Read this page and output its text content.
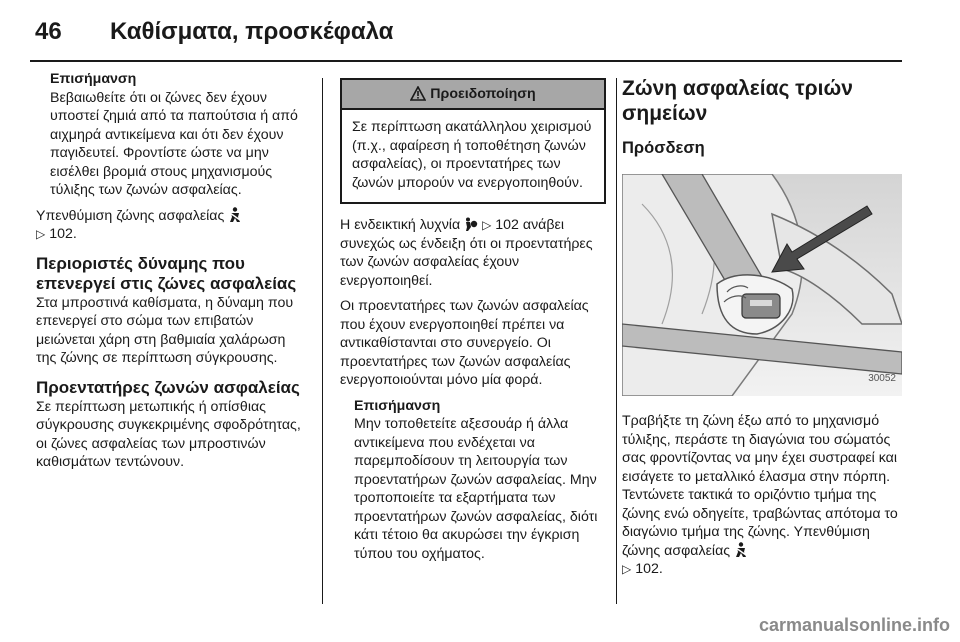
46 Καθίσματα, προσκέφαλα
Επισήμανση
Βεβαιωθείτε ότι οι ζώνες δεν έχουν υποστεί ζημιά από τα παπούτσια ή από αιχμηρά αντικείμενα και ότι δεν έχουν παγιδευτεί. Φροντίστε ώστε να μην εισέλθει βρομιά στους μηχανισμούς τύλιξης των ζωνών ασφαλείας.

Υπενθύμιση ζώνης ασφαλείας
▷ 102.

Περιοριστές δύναμης που επενεργεί στις ζώνες ασφαλείας

Στα μπροστινά καθίσματα, η δύναμη που επενεργεί στο σώμα των επιβατών μειώνεται χάρη στη βαθμιαία χαλάρωση της ζώνης σε περίπτωση σύγκρουσης.

Προεντατήρες ζωνών ασφαλείας

Σε περίπτωση μετωπικής ή οπίσθιας σύγκρουσης συγκεκριμένης σφοδρότητας, οι ζώνες ασφαλείας των μπροστινών καθισμάτων τεντώνουν.

Προειδοποίηση
Σε περίπτωση ακατάλληλου χειρισμού (π.χ., αφαίρεση ή τοποθέτηση ζωνών ασφαλείας), οι προεντατήρες των ζωνών μπορούν να ενεργοποιηθούν.

Η ενδεικτική λυχνία ▷ 102 ανάβει συνεχώς ως ένδειξη ότι οι προεντατήρες των ζωνών ασφαλείας έχουν ενεργοποιηθεί.

Οι προεντατήρες των ζωνών ασφαλείας που έχουν ενεργοποιηθεί πρέπει να αντικαθίστανται στο συνεργείο. Οι προεντατήρες των ζωνών ασφαλείας ενεργοποιούνται μόνο μία φορά.

Επισήμανση
Μην τοποθετείτε αξεσουάρ ή άλλα αντικείμενα που ενδέχεται να παρεμποδίσουν τη λειτουργία των προεντατήρων ζωνών ασφαλείας. Μην τροποποιείτε τα εξαρτήματα των προεντατήρων ζωνών ασφαλείας, διότι κάτι τέτοιο θα ακυρώσει την έγκριση τύπου του οχήματος.
Ζώνη ασφαλείας τριών σημείων
Πρόσδεση
30052

Τραβήξτε τη ζώνη έξω από το μηχανισμό τύλιξης, περάστε τη διαγώνια του σώματός σας φροντίζοντας να μην έχει συστραφεί και εισάγετε το μεταλλικό έλασμα στην πόρπη. Τεντώνετε τακτικά το οριζόντιο τμήμα της ζώνης ενώ οδηγείτε, τραβώντας απότομα το διαγώνιο τμήμα της ζώνης. Υπενθύμιση ζώνης ασφαλείας
▷ 102.

carmanualsonline.info
